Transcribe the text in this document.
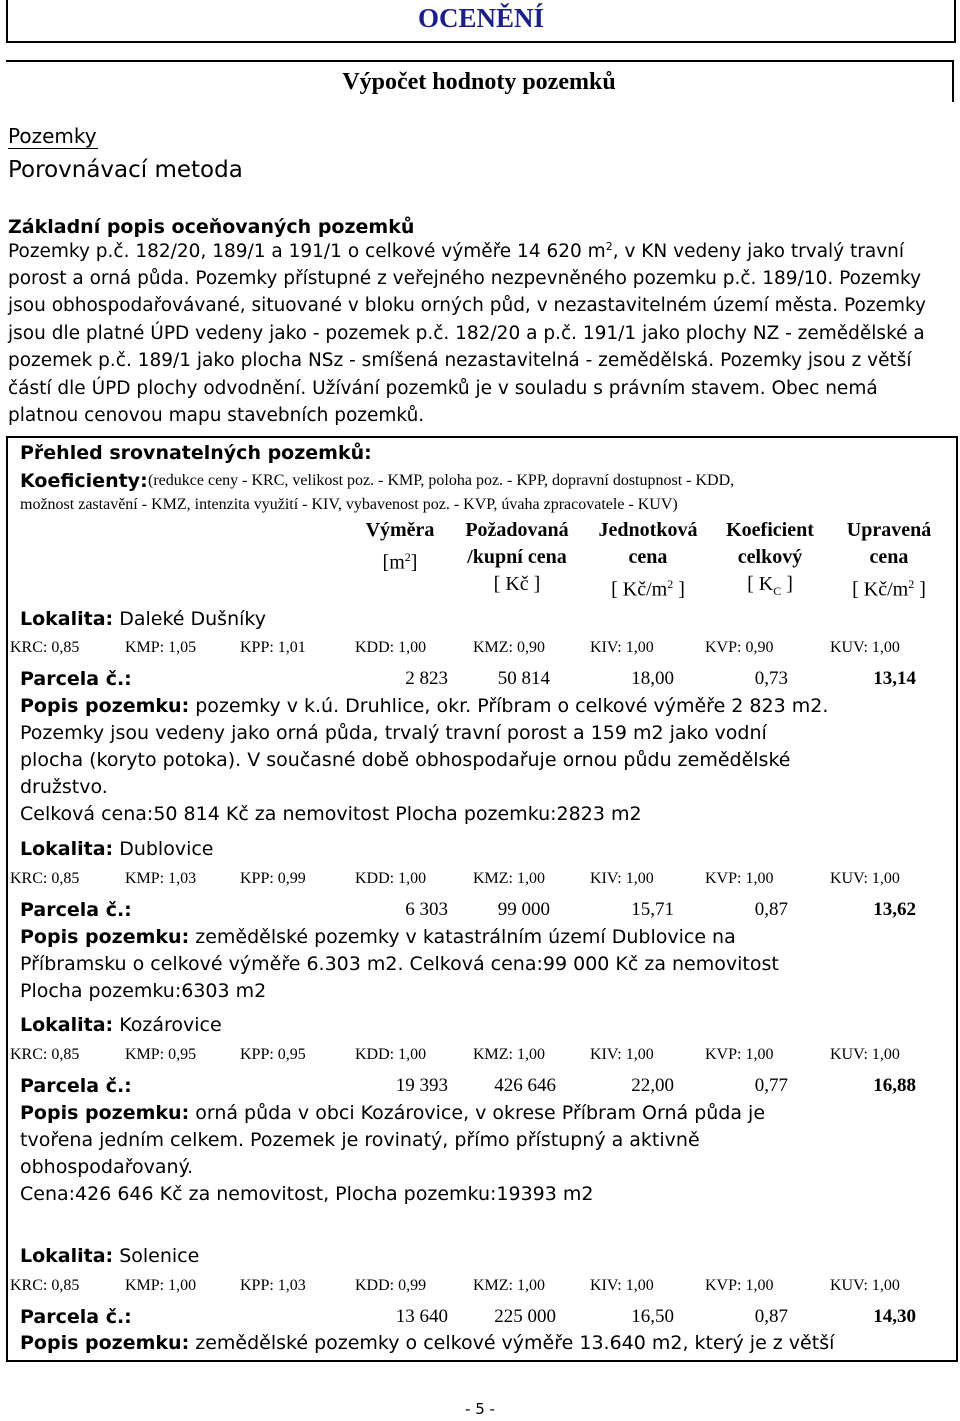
OCENĚNÍ
Výpočet hodnoty pozemků
Pozemky
Porovnávací metoda
Základní popis oceňovaných pozemků
Pozemky p.č. 182/20, 189/1 a 191/1 o celkové výměře 14 620 $m^2$, v KN vedeny jako trvalý travní
porost a orná půda. Pozemky přístupné z veřejného nezpevněného pozemku p.č. 189/10. Pozemky
jsou obhospodařovávané, situované v bloku orných půd, v nezastavitelném území města. Pozemky
jsou dle platné ÚPD vedeny jako - pozemek p.č. 182/20 a p.č. 191/1 jako plochy NZ - zemědělské a
pozemek p.č. 189/1 jako plocha NSz - smíšená nezastavitelná - zemědělská. Pozemky jsou z větší
částí dle ÚPD plochy odvodnění. Užívání pozemků je v souladu s právním stavem. Obec nemá
platnou cenovou mapu stavebních pozemků.
Přehled srovnatelných pozemků:
Koeficienty: (redukce ceny - KRC, velikost poz. - KMP, poloha poz. - KPP, dopravní dostupnost - KDD,
možnost zastavění - KMZ, intenzita využití - KIV, vybavenost poz. - KVP, úvaha zpracovatele - KUV)
Výměra
$[m^2]$
Požadovaná
/kupní cena
[ Kč ]
Jednotková
cena
[ $Kč/m^2$ ]
Koeficient
celkový
[ $K_C$ ]
Upravená
cena
[ $Kč/m^2$ ]
Lokalita: Daleké Dušníky
KRC: 0,85	KMP: 1,05	KPP: 1,01	KDD: 1,00	KMZ: 0,90	KIV: 1,00	KVP: 0,90	KUV: 1,00
Parcela č.:	2 823	50 814	18,00	0,73	13,14
Popis pozemku: pozemky v k.ú. Druhlice, okr. Příbram o celkové výměře 2 823 m2.
Pozemky jsou vedeny jako orná půda, trvalý travní porost a 159 m2 jako vodní
plocha (koryto potoka). V současné době obhospodařuje ornou půdu zemědělské
družstvo.
Celková cena:50 814 Kč za nemovitost Plocha pozemku:2823 m2
Lokalita: Dublovice
KRC: 0,85	KMP: 1,03	KPP: 0,99	KDD: 1,00	KMZ: 1,00	KIV: 1,00	KVP: 1,00	KUV: 1,00
Parcela č.:	6 303	99 000	15,71	0,87	13,62
Popis pozemku: zemědělské pozemky v katastrálním území Dublovice na
Příbramsku o celkové výměře 6.303 m2. Celková cena:99 000 Kč za nemovitost
Plocha pozemku:6303 m2
Lokalita: Kozárovice
KRC: 0,85	KMP: 0,95	KPP: 0,95	KDD: 1,00	KMZ: 1,00	KIV: 1,00	KVP: 1,00	KUV: 1,00
Parcela č.:	19 393	426 646	22,00	0,77	16,88
Popis pozemku: orná půda v obci Kozárovice, v okrese Příbram Orná půda je
tvořena jedním celkem. Pozemek je rovinatý, přímo přístupný a aktivně
obhospodařovaný.
Cena:426 646 Kč za nemovitost, Plocha pozemku:19393 m2
Lokalita: Solenice
KRC: 0,85	KMP: 1,00	KPP: 1,03	KDD: 0,99	KMZ: 1,00	KIV: 1,00	KVP: 1,00	KUV: 1,00
Parcela č.:	13 640	225 000	16,50	0,87	14,30
Popis pozemku: zemědělské pozemky o celkové výměře 13.640 m2, který je z větší
- 5 -
